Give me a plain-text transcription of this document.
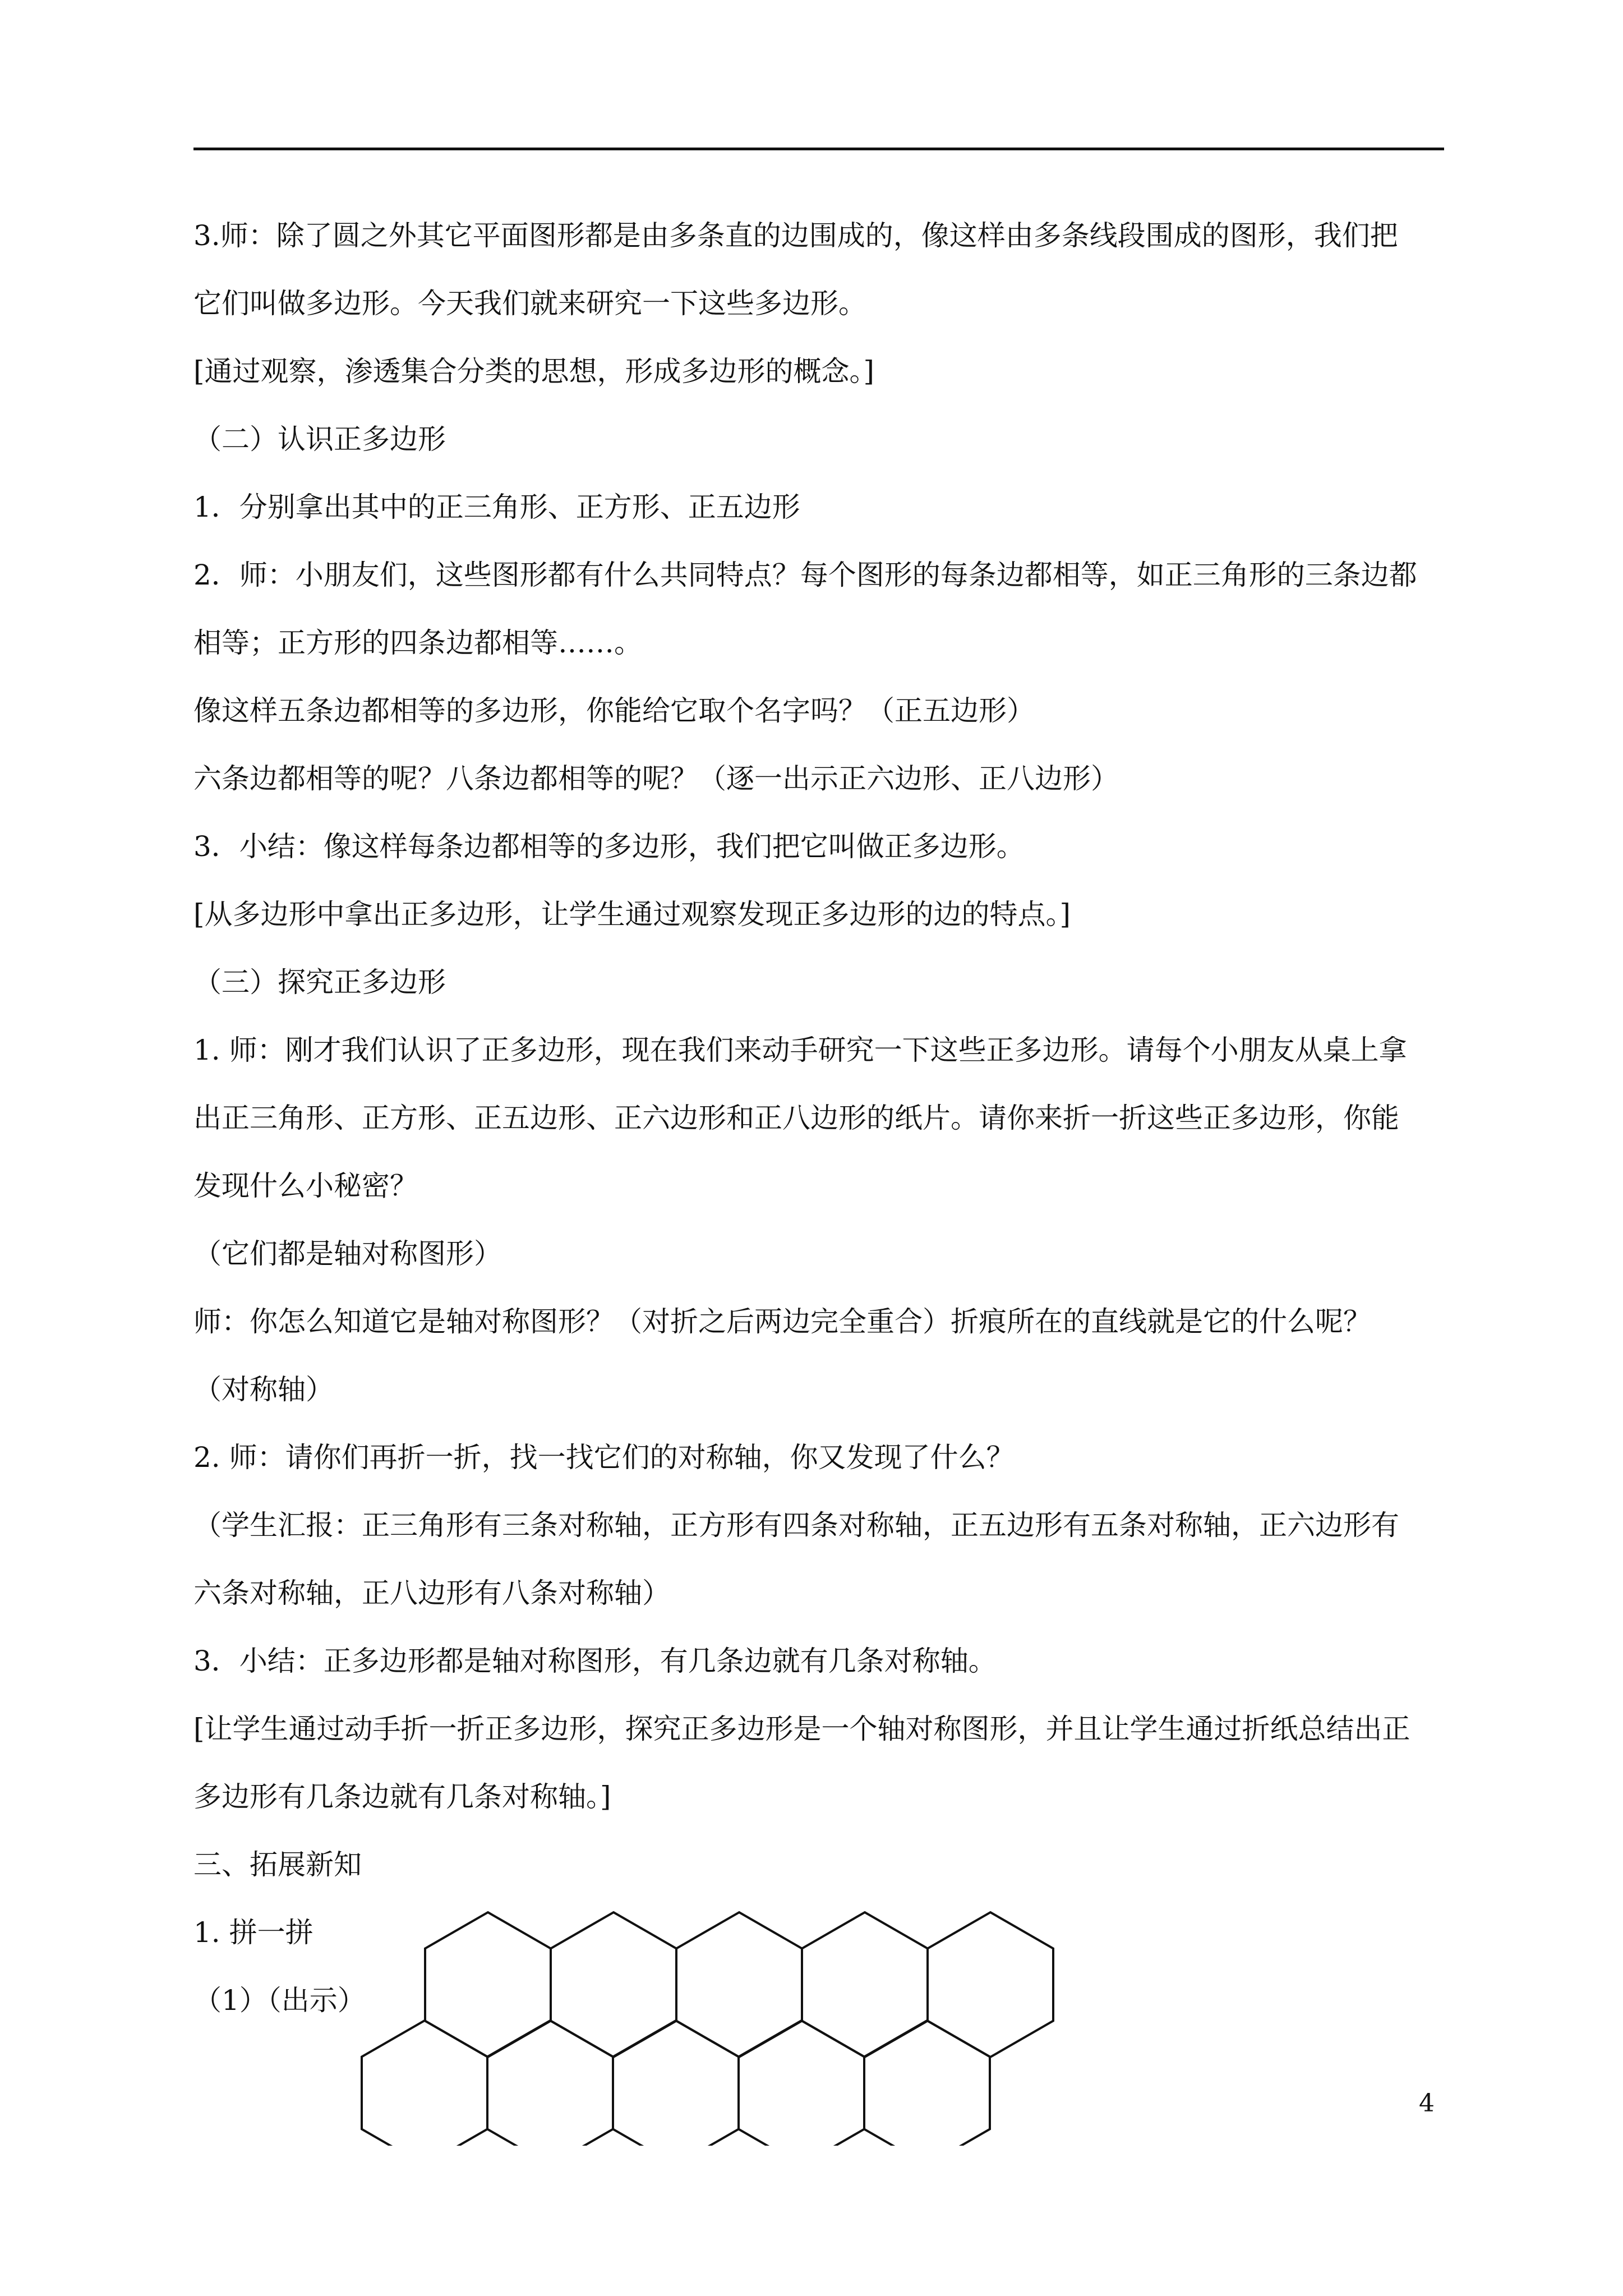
3.师：除了圆之外其它平面图形都是由多条直的边围成的，像这样由多条线段围成的图形，我们把
它们叫做多边形。今天我们就来研究一下这些多边形。
[通过观察，渗透集合分类的思想，形成多边形的概念。]
（二）认识正多边形
1．分别拿出其中的正三角形、正方形、正五边形
2．师：小朋友们，这些图形都有什么共同特点？每个图形的每条边都相等，如正三角形的三条边都
相等；正方形的四条边都相等……。
像这样五条边都相等的多边形，你能给它取个名字吗？（正五边形）
六条边都相等的呢？八条边都相等的呢？（逐一出示正六边形、正八边形）
3．小结：像这样每条边都相等的多边形，我们把它叫做正多边形。
[从多边形中拿出正多边形，让学生通过观察发现正多边形的边的特点。]
（三）探究正多边形
1. 师：刚才我们认识了正多边形，现在我们来动手研究一下这些正多边形。请每个小朋友从桌上拿
出正三角形、正方形、正五边形、正六边形和正八边形的纸片。请你来折一折这些正多边形，你能
发现什么小秘密？
（它们都是轴对称图形）
师：你怎么知道它是轴对称图形？（对折之后两边完全重合）折痕所在的直线就是它的什么呢？
（对称轴）
2. 师：请你们再折一折，找一找它们的对称轴，你又发现了什么？
（学生汇报：正三角形有三条对称轴，正方形有四条对称轴，正五边形有五条对称轴，正六边形有
六条对称轴，正八边形有八条对称轴）
3．小结：正多边形都是轴对称图形，有几条边就有几条对称轴。
[让学生通过动手折一折正多边形，探究正多边形是一个轴对称图形，并且让学生通过折纸总结出正
多边形有几条边就有几条对称轴。]
三、拓展新知
1. 拼一拼
（1）（出示）
4
